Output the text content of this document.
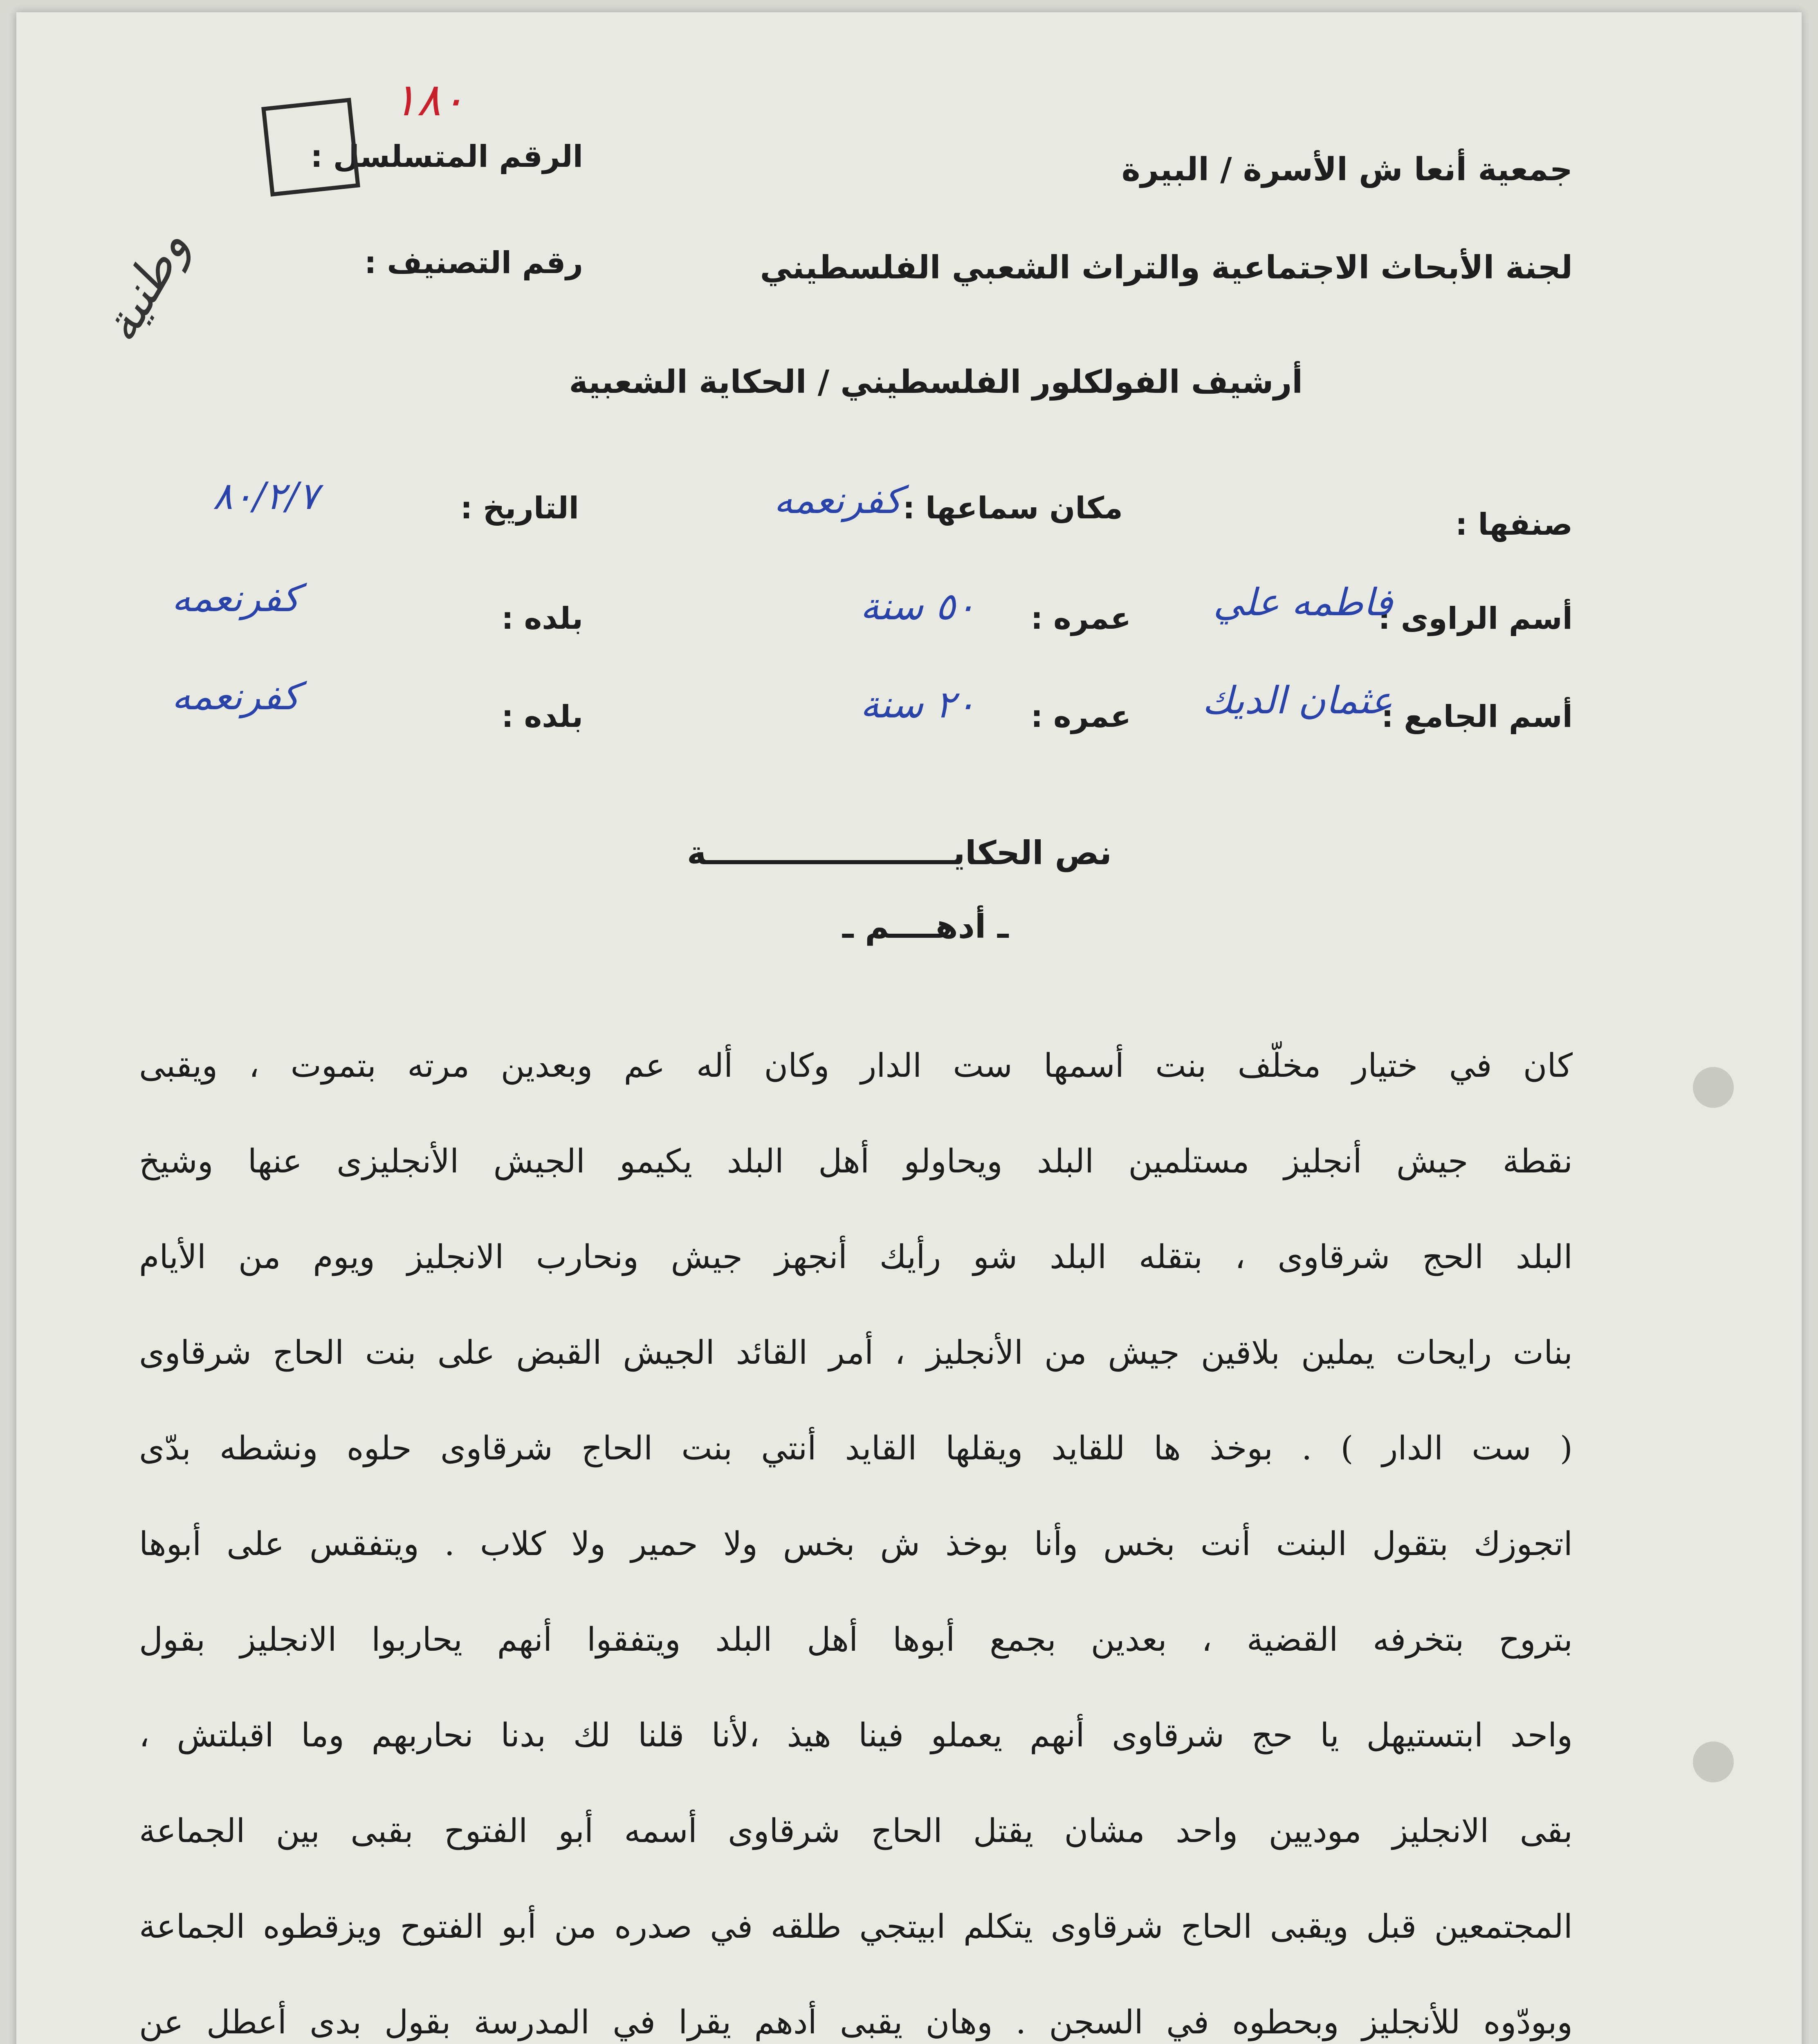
جمعية أنعا ش الأسرة / البيرة
لجنة الأبحاث الاجتماعية والتراث الشعبي الفلسطيني
أرشيف الفولكلور الفلسطيني / الحكاية الشعبية
الرقم المتسلسل :
١٨٠
رقم التصنيف :
وطنية
صنفها :
مكان سماعها :
كفرنعمه
التاريخ :
٨٠/٢/٧
أسم الراوى :
فاطمه علي
عمره :
٥٠ سنة
بلده :
كفرنعمه
أسم الجامع :
عثمان الديك
عمره :
٢٠ سنة
بلده :
كفرنعمه
نص الحكايــــــــــــــــــــــة
ـ أدهــــم ـ
كان في ختيار مخلّف بنت أسمها ست الدار وكان أله عم وبعدين مرته بتموت ، ويقبى
نقطة جيش أنجليز مستلمين البلد ويحاولو أهل البلد يكيمو الجيش الأنجليزى عنها وشيخ
البلد الحج شرقاوى ، بتقله البلد شو رأيك أنجهز جيش ونحارب الانجليز ويوم من الأيام
بنات رايحات يملين بلاقين جيش من الأنجليز ، أمر القائد الجيش القبض على بنت الحاج شرقاوى
( ست الدار ) . بوخذ ها للقايد ويقلها القايد أنتي بنت الحاج شرقاوى حلوه ونشطه بدّى
اتجوزك بتقول البنت أنت بخس وأنا بوخذ ش بخس ولا حمير ولا كلاب . ويتفقس على أبوها
بتروح بتخرفه القضية ، بعدين بجمع أبوها أهل البلد ويتفقوا أنهم يحاربوا الانجليز بقول
واحد ابتستيهل يا حج شرقاوى أنهم يعملو فينا هيذ ،لأنا قلنا لك بدنا نحاربهم وما اقبلتش ،
بقى الانجليز موديين واحد مشان يقتل الحاج شرقاوى أسمه أبو الفتوح بقبى بين الجماعة
المجتمعين قبل ويقبى الحاج شرقاوى يتكلم ابيتجي طلقه في صدره من أبو الفتوح ويزقطوه الجماعة
وبودّوه للأنجليز وبحطوه في السجن . وهان يقبى أدهم يقرا في المدرسة بقول بدى أعطل عن
